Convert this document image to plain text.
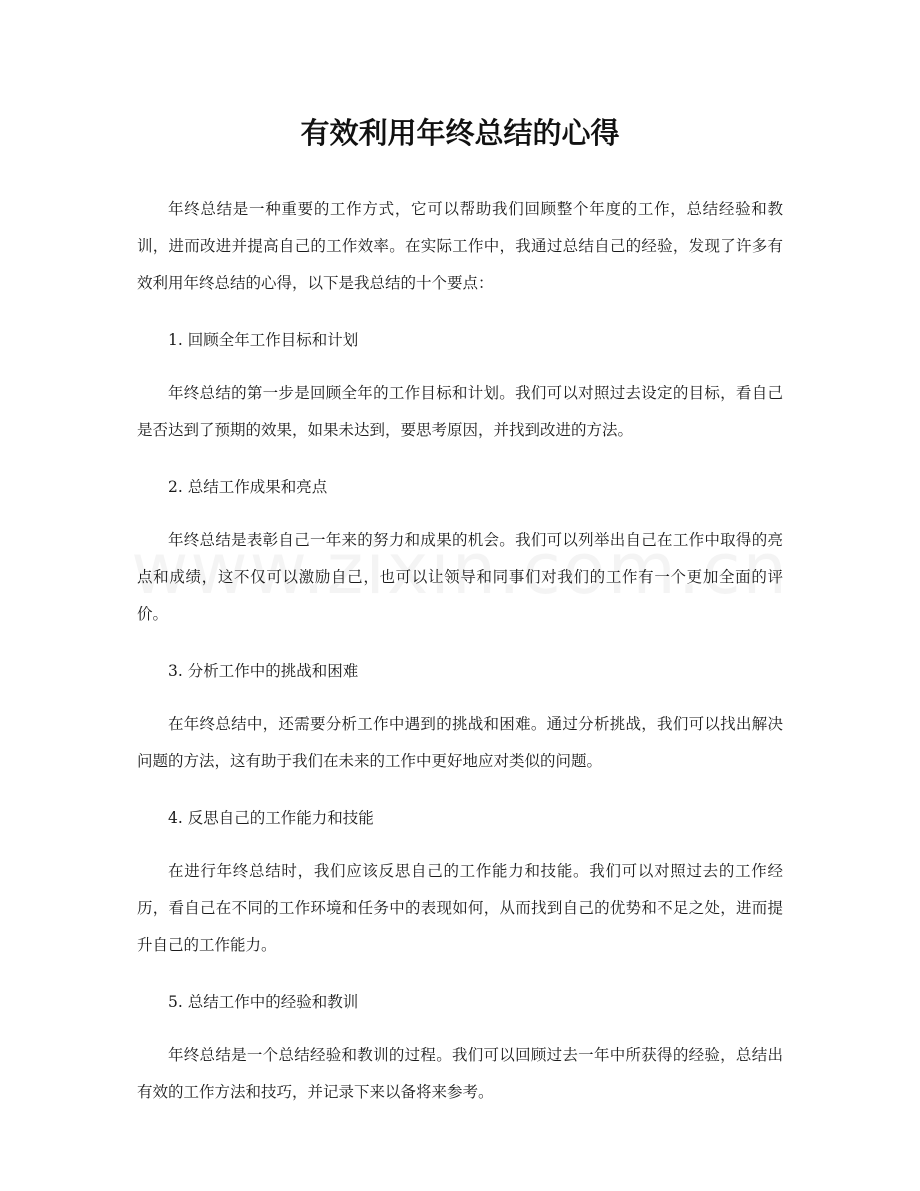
有效利用年终总结的心得

年终总结是一种重要的工作方式，它可以帮助我们回顾整个年度的工作，总结经验和教训，进而改进并提高自己的工作效率。在实际工作中，我通过总结自己的经验，发现了许多有效利用年终总结的心得，以下是我总结的十个要点：

1. 回顾全年工作目标和计划

年终总结的第一步是回顾全年的工作目标和计划。我们可以对照过去设定的目标，看自己是否达到了预期的效果，如果未达到，要思考原因，并找到改进的方法。

2. 总结工作成果和亮点

年终总结是表彰自己一年来的努力和成果的机会。我们可以列举出自己在工作中取得的亮点和成绩，这不仅可以激励自己，也可以让领导和同事们对我们的工作有一个更加全面的评价。

3. 分析工作中的挑战和困难

在年终总结中，还需要分析工作中遇到的挑战和困难。通过分析挑战，我们可以找出解决问题的方法，这有助于我们在未来的工作中更好地应对类似的问题。

4. 反思自己的工作能力和技能

在进行年终总结时，我们应该反思自己的工作能力和技能。我们可以对照过去的工作经历，看自己在不同的工作环境和任务中的表现如何，从而找到自己的优势和不足之处，进而提升自己的工作能力。

5. 总结工作中的经验和教训

年终总结是一个总结经验和教训的过程。我们可以回顾过去一年中所获得的经验，总结出有效的工作方法和技巧，并记录下来以备将来参考。
